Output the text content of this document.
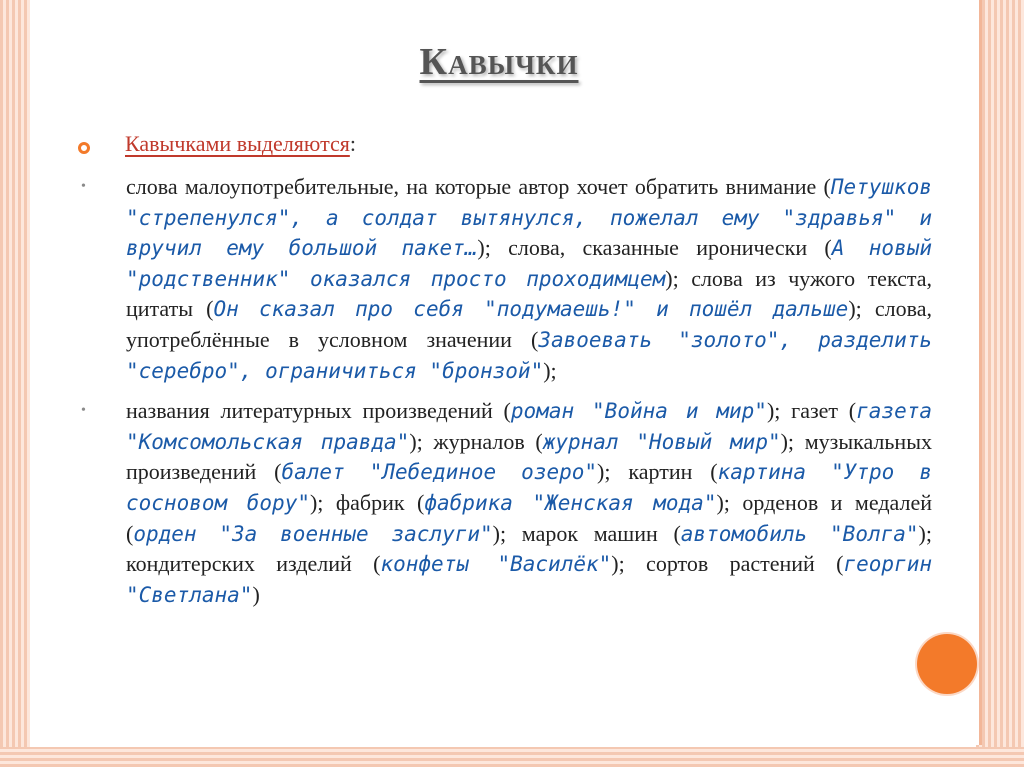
Кавычки
Кавычками выделяются:

• слова малоупотребительные, на которые автор хочет обратить внимание (Петушков "стрепенулся", а солдат вытянулся, пожелал ему "здравья" и вручил ему большой пакет…); слова, сказанные иронически (А новый "родственник" оказался просто проходимцем); слова из чужого текста, цитаты (Он сказал про себя "подумаешь!" и пошёл дальше); слова, употреблённые в условном значении (Завоевать "золото", разделить "серебро", ограничиться "бронзой");

• названия литературных произведений (роман "Война и мир"); газет (газета "Комсомольская правда"); журналов (журнал "Новый мир"); музыкальных произведений (балет "Лебединое озеро"); картин (картина "Утро в сосновом бору"); фабрик (фабрика "Женская мода"); орденов и медалей (орден "За военные заслуги"); марок машин (автомобиль "Волга"); кондитерских изделий (конфеты "Василёк"); сортов растений (георгин "Светлана")
